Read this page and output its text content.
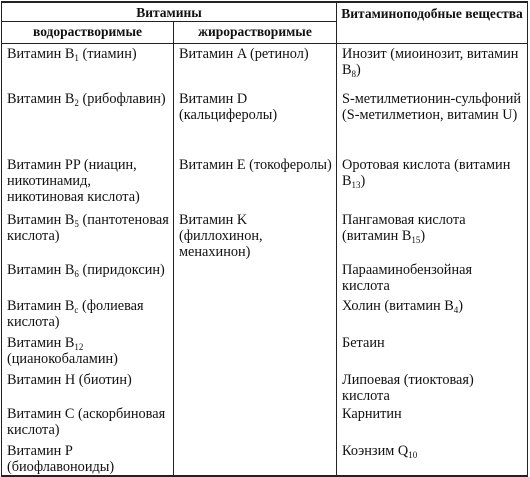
Витамины		Витаминоподобные вещества
водорастворимые	жирорастворимые	
Витамин $B_1$ (тиамин)	Витамин A (ретинол)	Инозит (миоинозит, витамин $B_8$)
Витамин $B_2$ (рибофлавин)	Витамин D (кальциферолы)	S-метилметионин-сульфоний (S-метилметион, витамин U)
Витамин PP (ниацин, никотинамид, никотиновая кислота)	Витамин E (токоферолы)	Оротовая кислота (витамин $B_{13}$)
Витамин $B_5$ (пантотеновая кислота)	Витамин K (филлохинон, менахинон)	Пангамовая кислота (витамин $B_{15}$)
Витамин $B_6$ (пиридоксин)		Парааминобензойная кислота
Витамин $B_c$ (фолиевая кислота)		Холин (витамин $B_4$)
Витамин $B_{12}$ (цианокобаламин)		Бетаин
Витамин H (биотин)		Липоевая (тиоктовая) кислота
Витамин C (аскорбиновая кислота)		Карнитин
Витамин P (биофлавоноиды)		Коэнзим $Q_{10}$
